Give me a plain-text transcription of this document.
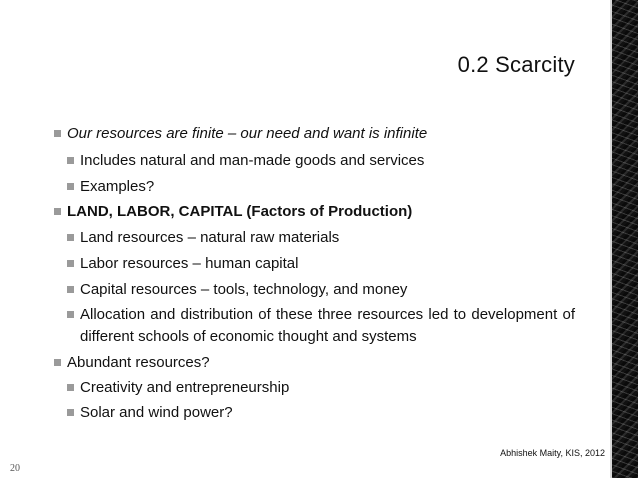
0.2 Scarcity
Our resources are finite – our need and want is infinite
Includes natural and man-made goods and services
Examples?
LAND, LABOR, CAPITAL (Factors of Production)
Land resources – natural raw materials
Labor resources – human capital
Capital resources – tools, technology, and money
Allocation and distribution of these three resources led to development of different schools of economic thought and systems
Abundant resources?
Creativity and entrepreneurship
Solar and wind power?
Abhishek Maity, KIS, 2012
20
